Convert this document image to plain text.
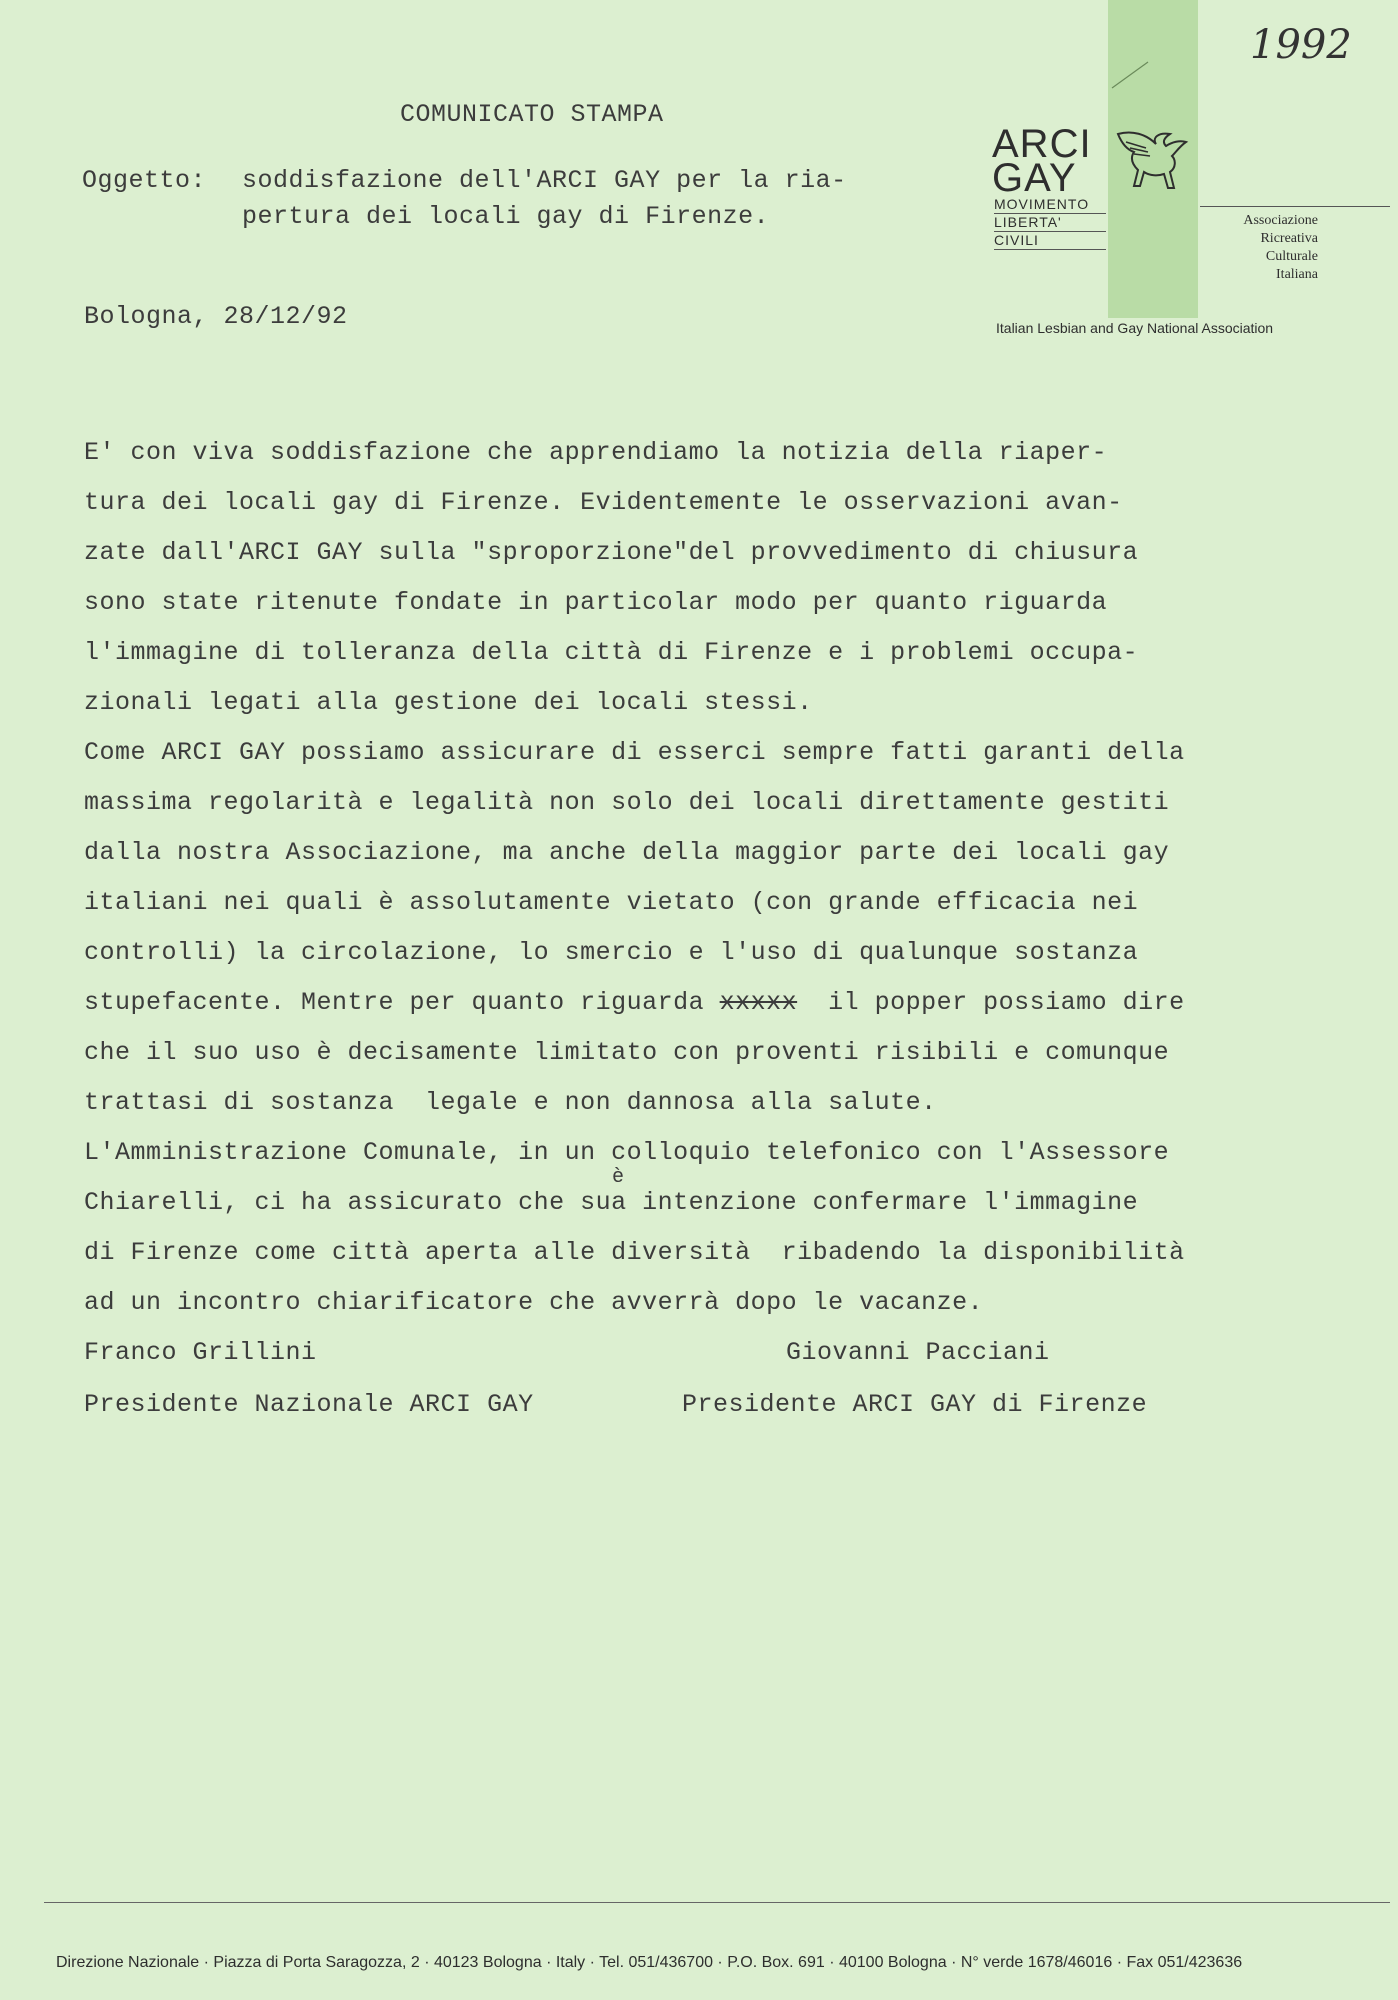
1992
ARCI
GAY
MOVIMENTO
LIBERTA'
CIVILI
Associazione
Ricreativa
Culturale
Italiana
Italian Lesbian and Gay National Association
COMUNICATO STAMPA
Oggetto: soddisfazione dell'ARCI GAY per la ria-
pertura dei locali gay di Firenze.
Bologna, 28/12/92
E' con viva soddisfazione che apprendiamo la notizia della riaper-
tura dei locali gay di Firenze. Evidentemente le osservazioni avan-
zate dall'ARCI GAY sulla "sproporzione"del provvedimento di chiusura
sono state ritenute fondate in particolar modo per quanto riguarda
l'immagine di tolleranza della città di Firenze e i problemi occupa-
zionali legati alla gestione dei locali stessi.
Come ARCI GAY possiamo assicurare di esserci sempre fatti garanti della
massima regolarità e legalità non solo dei locali direttamente gestiti
dalla nostra Associazione, ma anche della maggior parte dei locali gay
italiani nei quali è assolutamente vietato (con grande efficacia nei
controlli) la circolazione, lo smercio e l'uso di qualunque sostanza
stupefacente. Mentre per quanto riguarda xxxxx  il popper possiamo dire
che il suo uso è decisamente limitato con proventi risibili e comunque
trattasi di sostanza  legale e non dannosa alla salute.
L'Amministrazione Comunale, in un colloquio telefonico con l'Assessore
è
Chiarelli, ci ha assicurato che sua intenzione confermare l'immagine
di Firenze come città aperta alle diversità  ribadendo la disponibilità
ad un incontro chiarificatore che avverrà dopo le vacanze.
Franco Grillini	Giovanni Pacciani
Presidente Nazionale ARCI GAY	Presidente ARCI GAY di Firenze
Direzione Nazionale · Piazza di Porta Saragozza, 2 · 40123 Bologna · Italy · Tel. 051/436700 · P.O. Box. 691 · 40100 Bologna · N° verde 1678/46016 · Fax 051/423636
